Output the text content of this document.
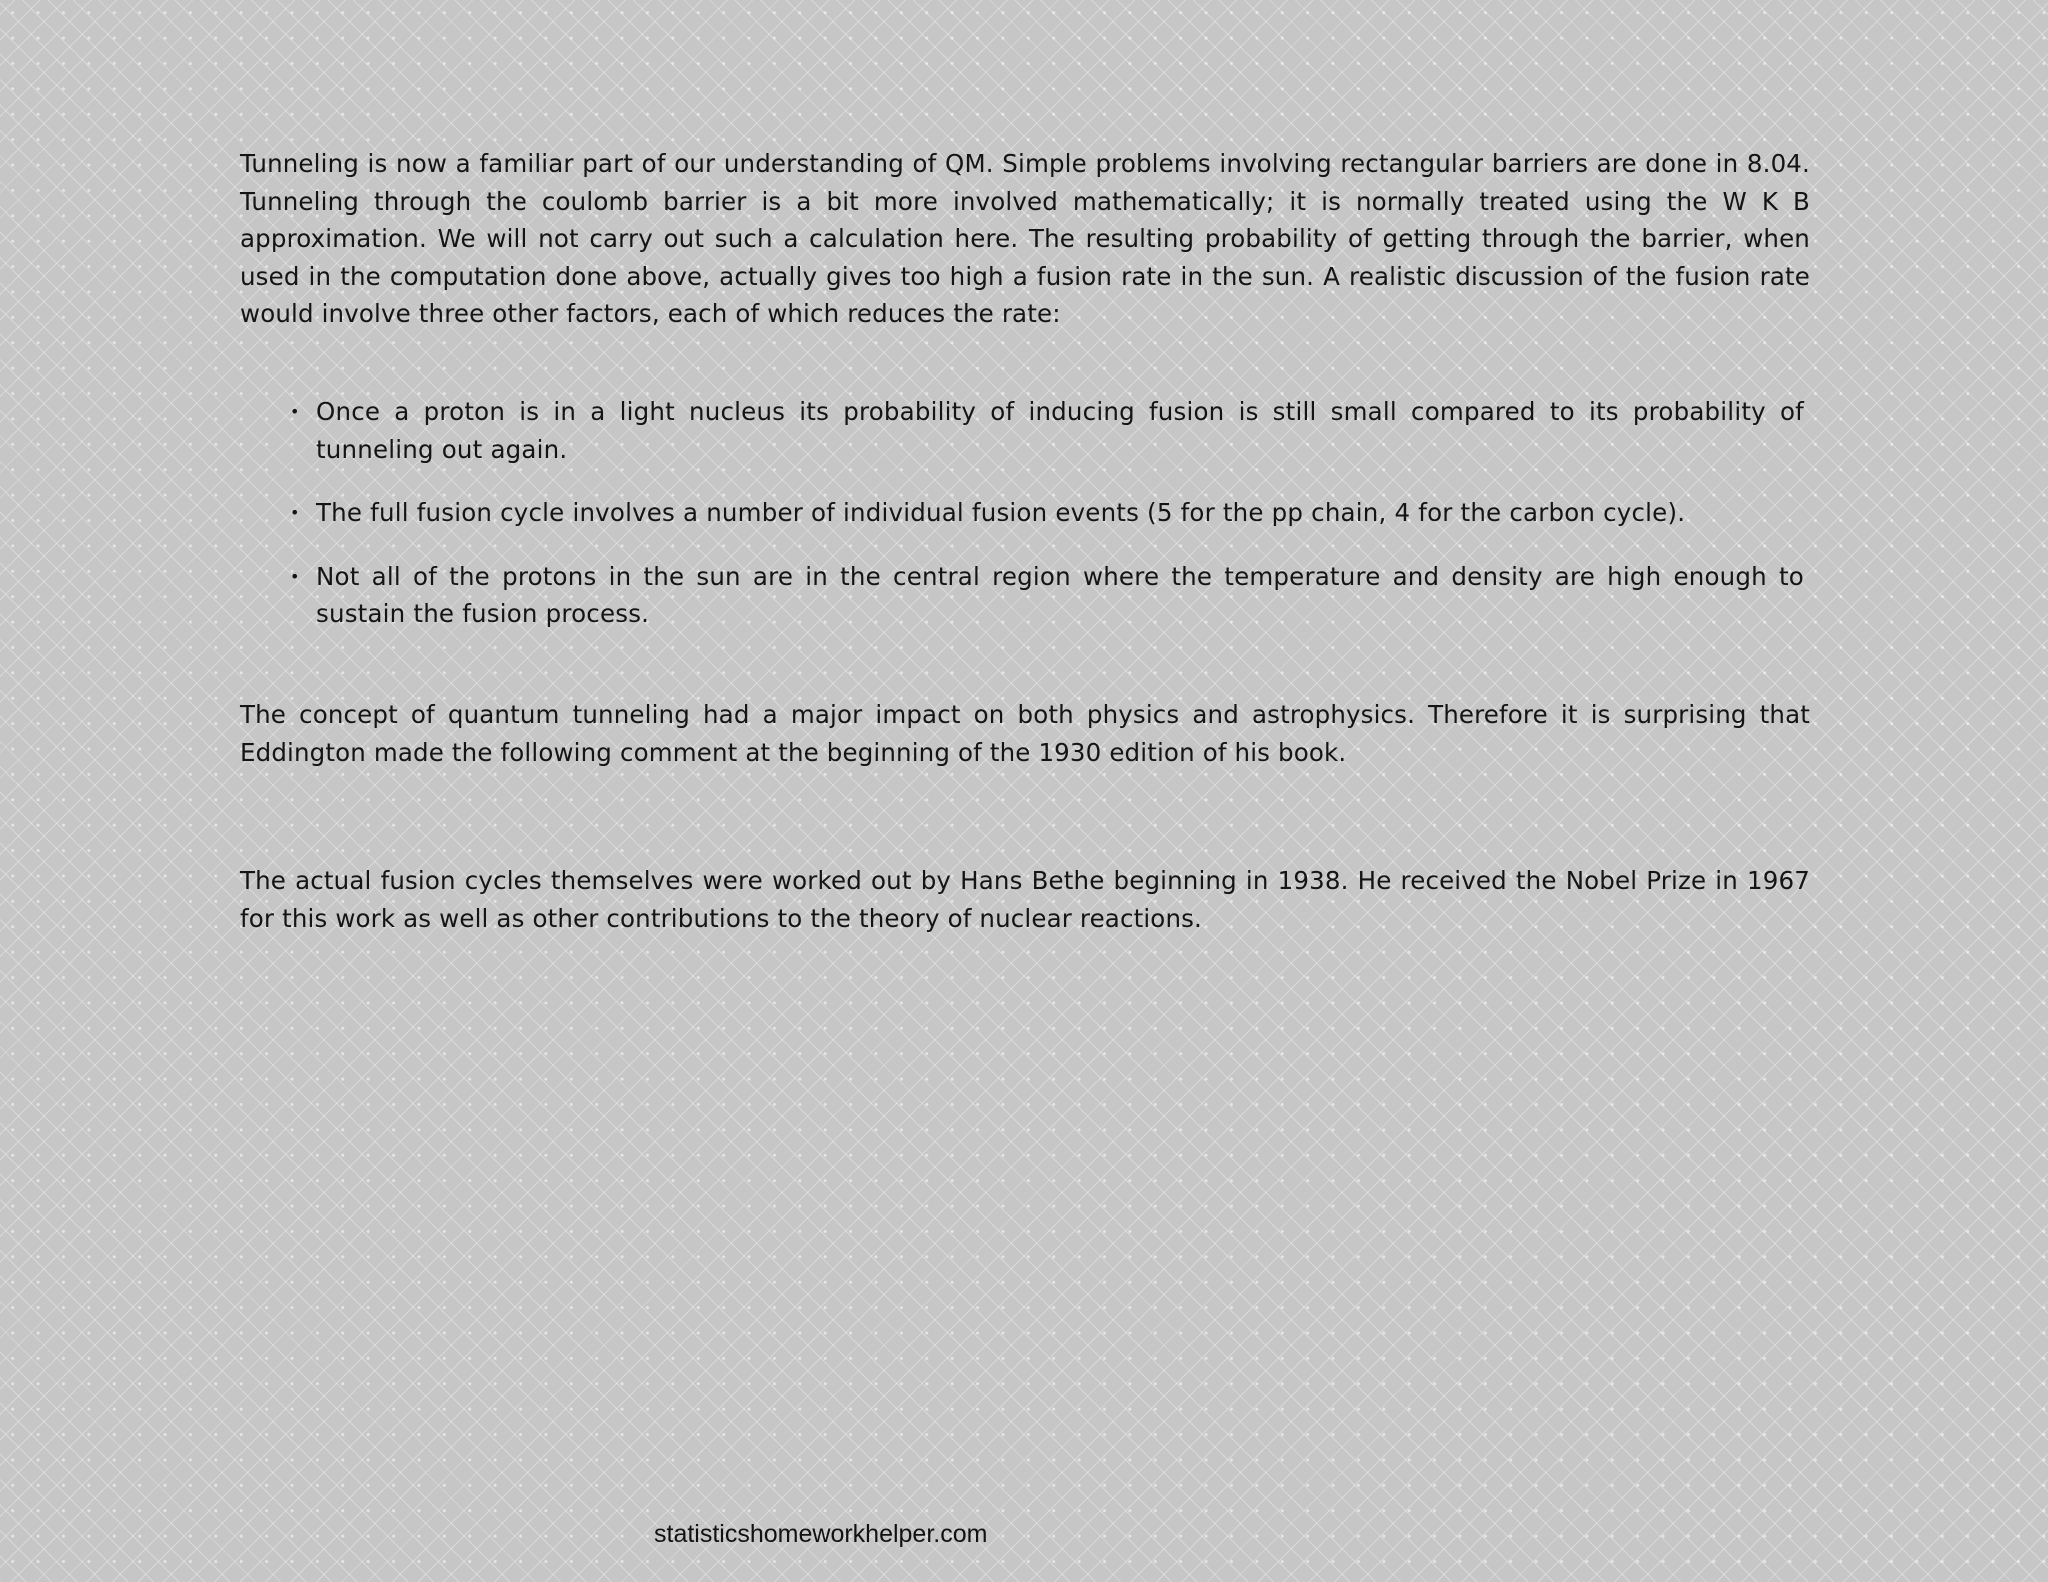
Tunneling is now a familiar part of our understanding of QM. Simple problems involving rectangular barriers are done in 8.04. Tunneling through the coulomb barrier is a bit more involved mathematically; it is normally treated using the W K B approximation. We will not carry out such a calculation here. The resulting probability of getting through the barrier, when used in the computation done above, actually gives too high a fusion rate in the sun. A realistic discussion of the fusion rate would involve three other factors, each of which reduces the rate:

• Once a proton is in a light nucleus its probability of inducing fusion is still small compared to its probability of tunneling out again.
• The full fusion cycle involves a number of individual fusion events (5 for the pp chain, 4 for the carbon cycle).
• Not all of the protons in the sun are in the central region where the temperature and density are high enough to sustain the fusion process.

The concept of quantum tunneling had a major impact on both physics and astrophysics. Therefore it is surprising that Eddington made the following comment at the beginning of the 1930 edition of his book.

The actual fusion cycles themselves were worked out by Hans Bethe beginning in 1938. He received the Nobel Prize in 1967 for this work as well as other contributions to the theory of nuclear reactions.

statisticshomeworkhelper.com
